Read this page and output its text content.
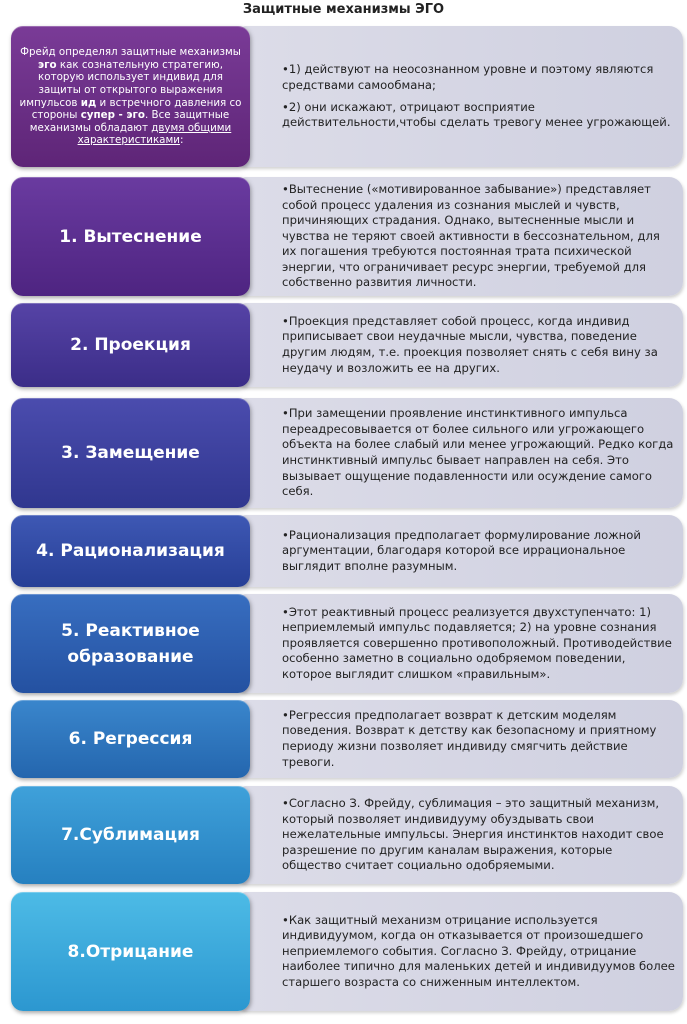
Защитные механизмы ЭГО

•1) действуют на неосознанном уровне и поэтому являются средствами самообмана;

•2) они искажают, отрицают восприятие действительности,чтобы сделать тревогу менее угрожающей.

Фрейд определял защитные механизмы эго как сознательную стратегию, которую использует индивид для защиты от открытого выражения импульсов ид и встречного давления со стороны супер - эго. Все защитные механизмы обладают двумя общими характеристиками:

•Вытеснение («мотивированное забывание») представляет собой процесс удаления из сознания мыслей и чувств, причиняющих страдания. Однако, вытесненные мысли и чувства не теряют своей активности в бессознательном, для их погашения требуются постоянная трата психической энергии, что ограничивает ресурс энергии, требуемой для собственно развития личности.

1. Вытеснение

•Проекция представляет собой процесс, когда индивид приписывает свои неудачные мысли, чувства, поведение другим людям, т.е. проекция позволяет снять с себя вину за неудачу и возложить ее на других.

2. Проекция

•При замещении проявление инстинктивного импульса переадресовывается от более сильного или угрожающего объекта на более слабый или менее угрожающий. Редко когда инстинктивный импульс бывает направлен на себя. Это вызывает ощущение подавленности или осуждение самого себя.

3. Замещение

•Рационализация предполагает формулирование ложной аргументации, благодаря которой все иррациональное выглядит вполне разумным.

4. Рационализация

•Этот реактивный процесс реализуется двухступенчато: 1) неприемлемый импульс подавляется; 2) на уровне сознания проявляется совершенно противоположный. Противодействие особенно заметно в социально одобряемом поведении, которое выглядит слишком «правильным».

5. Реактивное образование

•Регрессия предполагает возврат к детским моделям поведения. Возврат к детству как безопасному и приятному периоду жизни позволяет индивиду смягчить действие тревоги.

6. Регрессия

•Согласно З. Фрейду, сублимация – это защитный механизм, который позволяет индивидууму обуздывать свои нежелательные импульсы. Энергия инстинктов находит свое разрешение по другим каналам выражения, которые общество считает социально одобряемыми.

7.Сублимация

•Как защитный механизм отрицание используется индивидуумом, когда он отказывается от произошедшего неприемлемого события. Согласно З. Фрейду, отрицание наиболее типично для маленьких детей и индивидуумов более старшего возраста со сниженным интеллектом.

8.Отрицание
